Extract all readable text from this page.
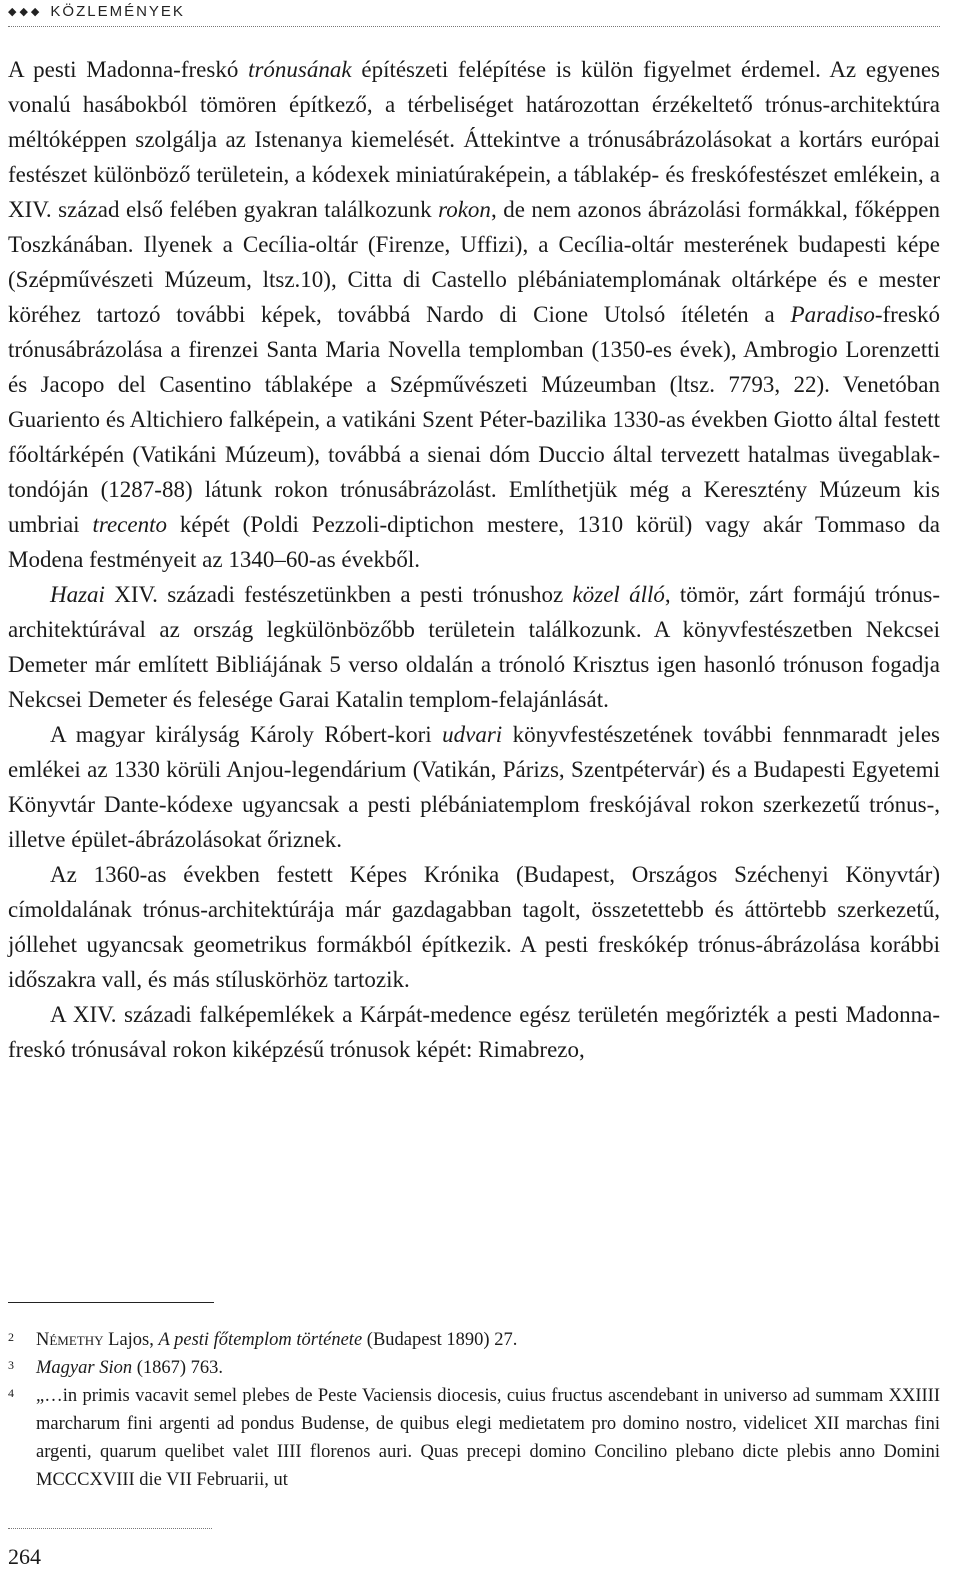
◆◆◆ KÖZLEMÉNYEK

A pesti Madonna-freskó trónusának építészeti felépítése is külön figyelmet érdemel. Az egyenes vonalú hasábokból tömören építkező, a térbeliséget határozottan érzékeltető trónus-architektúra méltóképpen szolgálja az Istenanya kiemelését. Áttekintve a trónusábrázolásokat a kortárs európai festészet különböző területein, a kódexek miniatúraképein, a táblakép- és freskófestészet emlékein, a XIV. század első felében gyakran találkozunk rokon, de nem azonos ábrázolási formákkal, főképpen Toszkánában. Ilyenek a Cecília-oltár (Firenze, Uffizi), a Cecília-oltár mesterének budapesti képe (Szépművészeti Múzeum, ltsz.10), Citta di Castello plébániatemplomának oltárképe és e mester köréhez tartozó további képek, továbbá Nardo di Cione Utolsó ítéletén a Paradiso-freskó trónusábrázolása a firenzei Santa Maria Novella templomban (1350-es évek), Ambrogio Lorenzetti és Jacopo del Casentino táblaképe a Szépművészeti Múzeumban (ltsz. 7793, 22). Venetóban Guariento és Altichiero falképein, a vatikáni Szent Péter-bazilika 1330-as években Giotto által festett főoltárképén (Vatikáni Múzeum), továbbá a sienai dóm Duccio által tervezett hatalmas üvegablak-tondóján (1287-88) látunk rokon trónusábrázolást. Említhetjük még a Keresztény Múzeum kis umbriai trecento képét (Poldi Pezzoli-diptichon mestere, 1310 körül) vagy akár Tommaso da Modena festményeit az 1340–60-as évekből.

Hazai XIV. századi festészetünkben a pesti trónushoz közel álló, tömör, zárt formájú trónus-architektúrával az ország legkülönbözőbb területein találkozunk. A könyvfestészetben Nekcsei Demeter már említett Bibliájának 5 verso oldalán a trónoló Krisztus igen hasonló trónuson fogadja Nekcsei Demeter és felesége Garai Katalin templom-felajánlását.

A magyar királyság Károly Róbert-kori udvari könyvfestészetének további fennmaradt jeles emlékei az 1330 körüli Anjou-legendárium (Vatikán, Párizs, Szentpétervár) és a Budapesti Egyetemi Könyvtár Dante-kódexe ugyancsak a pesti plébániatemplom freskójával rokon szerkezetű trónus-, illetve épület-ábrázolásokat őriznek.

Az 1360-as években festett Képes Krónika (Budapest, Országos Széchenyi Könyvtár) címoldalának trónus-architektúrája már gazdagabban tagolt, összetettebb és áttörtebb szerkezetű, jóllehet ugyancsak geometrikus formákból építkezik. A pesti freskókép trónus-ábrázolása korábbi időszakra vall, és más stíluskörhöz tartozik.

A XIV. századi falképemlékek a Kárpát-medence egész területén megőrizték a pesti Madonna-freskó trónusával rokon kiképzésű trónusok képét: Rimabrezo,

2 Némethy Lajos, A pesti főtemplom története (Budapest 1890) 27.
3 Magyar Sion (1867) 763.
4 „…in primis vacavit semel plebes de Peste Vaciensis diocesis, cuius fructus ascendebant in universo ad summam XXIIII marcharum fini argenti ad pondus Budense, de quibus elegi medietatem pro domino nostro, videlicet XII marchas fini argenti, quarum quelibet valet IIII florenos auri. Quas precepi domino Concilino plebano dicte plebis anno Domini MCCCXVIII die VII Februarii, ut
264
